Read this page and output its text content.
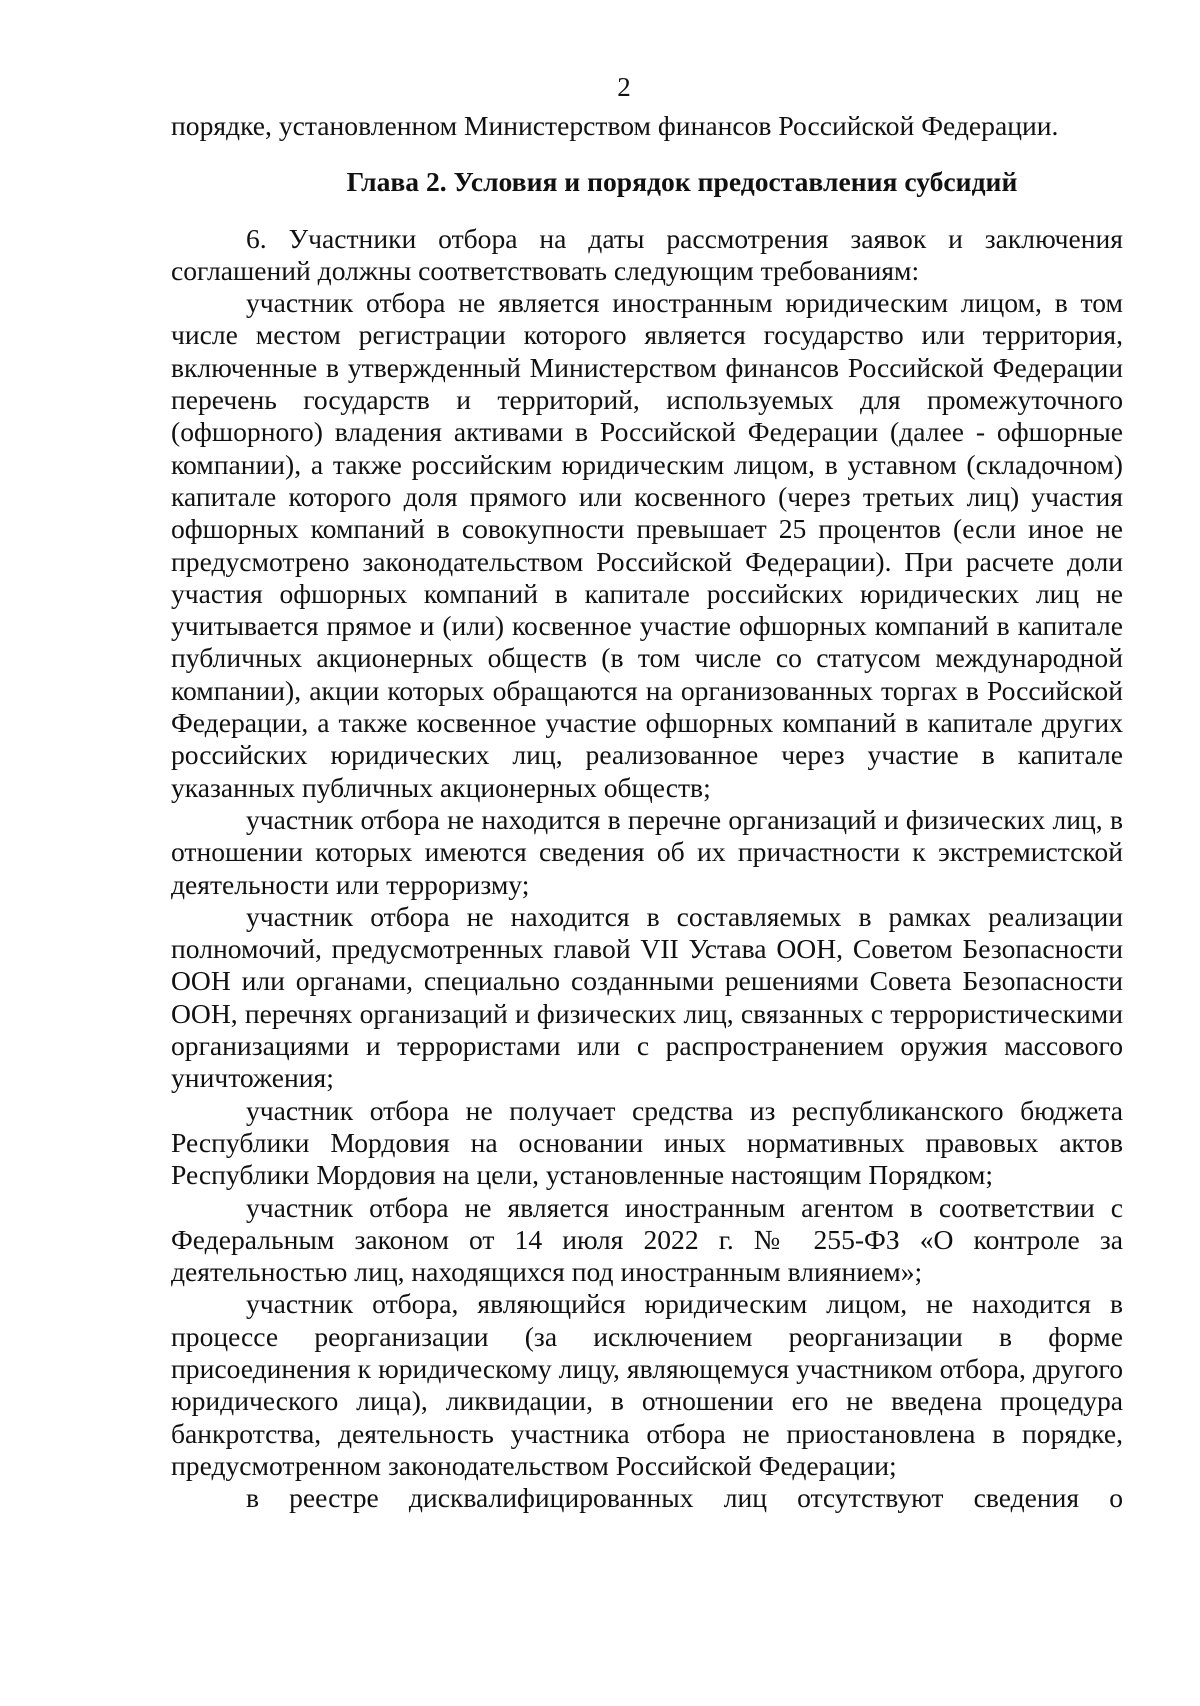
2

порядке, установленном Министерством финансов Российской Федерации.

Глава 2. Условия и порядок предоставления субсидий

6. Участники отбора на даты рассмотрения заявок и заключения соглашений должны соответствовать следующим требованиям:

участник отбора не является иностранным юридическим лицом, в том числе местом регистрации которого является государство или территория, включенные в утвержденный Министерством финансов Российской Федерации перечень государств и территорий, используемых для промежуточного (офшорного) владения активами в Российской Федерации (далее - офшорные компании), а также российским юридическим лицом, в уставном (складочном) капитале которого доля прямого или косвенного (через третьих лиц) участия офшорных компаний в совокупности превышает 25 процентов (если иное не предусмотрено законодательством Российской Федерации). При расчете доли участия офшорных компаний в капитале российских юридических лиц не учитывается прямое и (или) косвенное участие офшорных компаний в капитале публичных акционерных обществ (в том числе со статусом международной компании), акции которых обращаются на организованных торгах в Российской Федерации, а также косвенное участие офшорных компаний в капитале других российских юридических лиц, реализованное через участие в капитале указанных публичных акционерных обществ;

участник отбора не находится в перечне организаций и физических лиц, в отношении которых имеются сведения об их причастности к экстремистской деятельности или терроризму;

участник отбора не находится в составляемых в рамках реализации полномочий, предусмотренных главой VII Устава ООН, Советом Безопасности ООН или органами, специально созданными решениями Совета Безопасности ООН, перечнях организаций и физических лиц, связанных с террористическими организациями и террористами или с распространением оружия массового уничтожения;

участник отбора не получает средства из республиканского бюджета Республики Мордовия на основании иных нормативных правовых актов Республики Мордовия на цели, установленные настоящим Порядком;

участник отбора не является иностранным агентом в соответствии с Федеральным законом от 14 июля 2022 г. № 255-ФЗ «О контроле за деятельностью лиц, находящихся под иностранным влиянием»;

участник отбора, являющийся юридическим лицом, не находится в процессе реорганизации (за исключением реорганизации в форме присоединения к юридическому лицу, являющемуся участником отбора, другого юридического лица), ликвидации, в отношении его не введена процедура банкротства, деятельность участника отбора не приостановлена в порядке, предусмотренном законодательством Российской Федерации;

в реестре дисквалифицированных лиц отсутствуют сведения о
